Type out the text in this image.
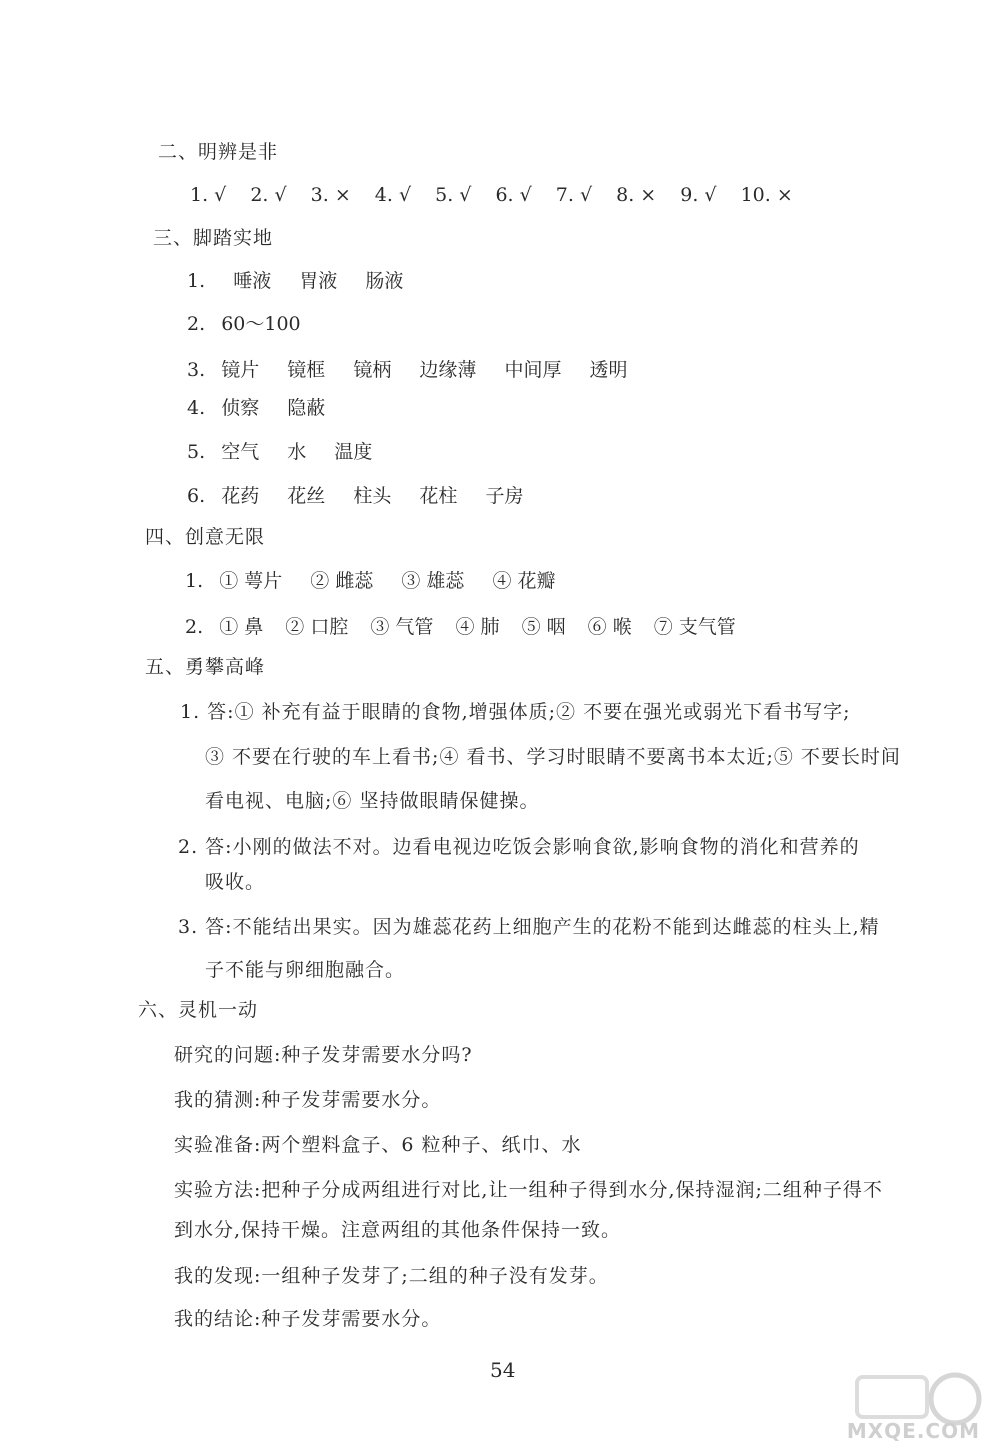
二、明辨是非
1. √ 2. √ 3. × 4. √ 5. √ 6. √ 7. √ 8. × 9. √ 10. ×
三、脚踏实地
1. 唾液 胃液 肠液
2. 60～100
3. 镜片 镜框 镜柄 边缘薄 中间厚 透明
4. 侦察 隐蔽
5. 空气 水 温度
6. 花药 花丝 柱头 花柱 子房
四、创意无限
1. ① 萼片 ② 雌蕊 ③ 雄蕊 ④ 花瓣
2. ① 鼻 ② 口腔 ③ 气管 ④ 肺 ⑤ 咽 ⑥ 喉 ⑦ 支气管
五、勇攀高峰
1. 答:① 补充有益于眼睛的食物,增强体质;② 不要在强光或弱光下看书写字;
③ 不要在行驶的车上看书;④ 看书、学习时眼睛不要离书本太近;⑤ 不要长时间
看电视、电脑;⑥ 坚持做眼睛保健操。
2. 答:小刚的做法不对。边看电视边吃饭会影响食欲,影响食物的消化和营养的
吸收。
3. 答:不能结出果实。因为雄蕊花药上细胞产生的花粉不能到达雌蕊的柱头上,精
子不能与卵细胞融合。
六、灵机一动
研究的问题:种子发芽需要水分吗?
我的猜测:种子发芽需要水分。
实验准备:两个塑料盒子、6 粒种子、纸巾、水
实验方法:把种子分成两组进行对比,让一组种子得到水分,保持湿润;二组种子得不
到水分,保持干燥。注意两组的其他条件保持一致。
我的发现:一组种子发芽了;二组的种子没有发芽。
我的结论:种子发芽需要水分。
54
MXQE.COM
